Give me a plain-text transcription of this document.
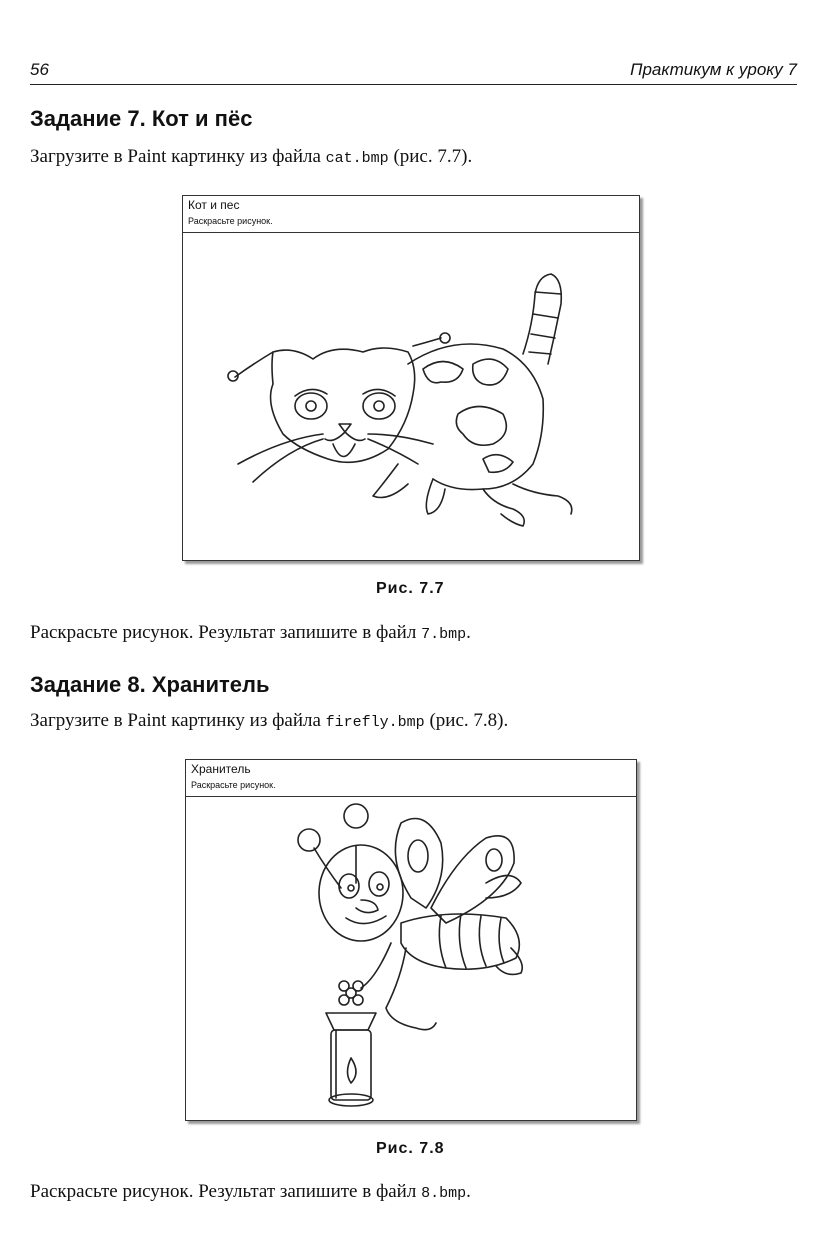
56	Практикум к уроку 7
Задание 7. Кот и пёс
Загрузите в Paint картинку из файла cat.bmp (рис. 7.7).
Кот и пес
Раскрасьте рисунок.
Рис. 7.7
Раскрасьте рисунок. Результат запишите в файл 7.bmp.
Задание 8. Хранитель
Загрузите в Paint картинку из файла firefly.bmp (рис. 7.8).
Хранитель
Раскрасьте рисунок.
Рис. 7.8
Раскрасьте рисунок. Результат запишите в файл 8.bmp.
